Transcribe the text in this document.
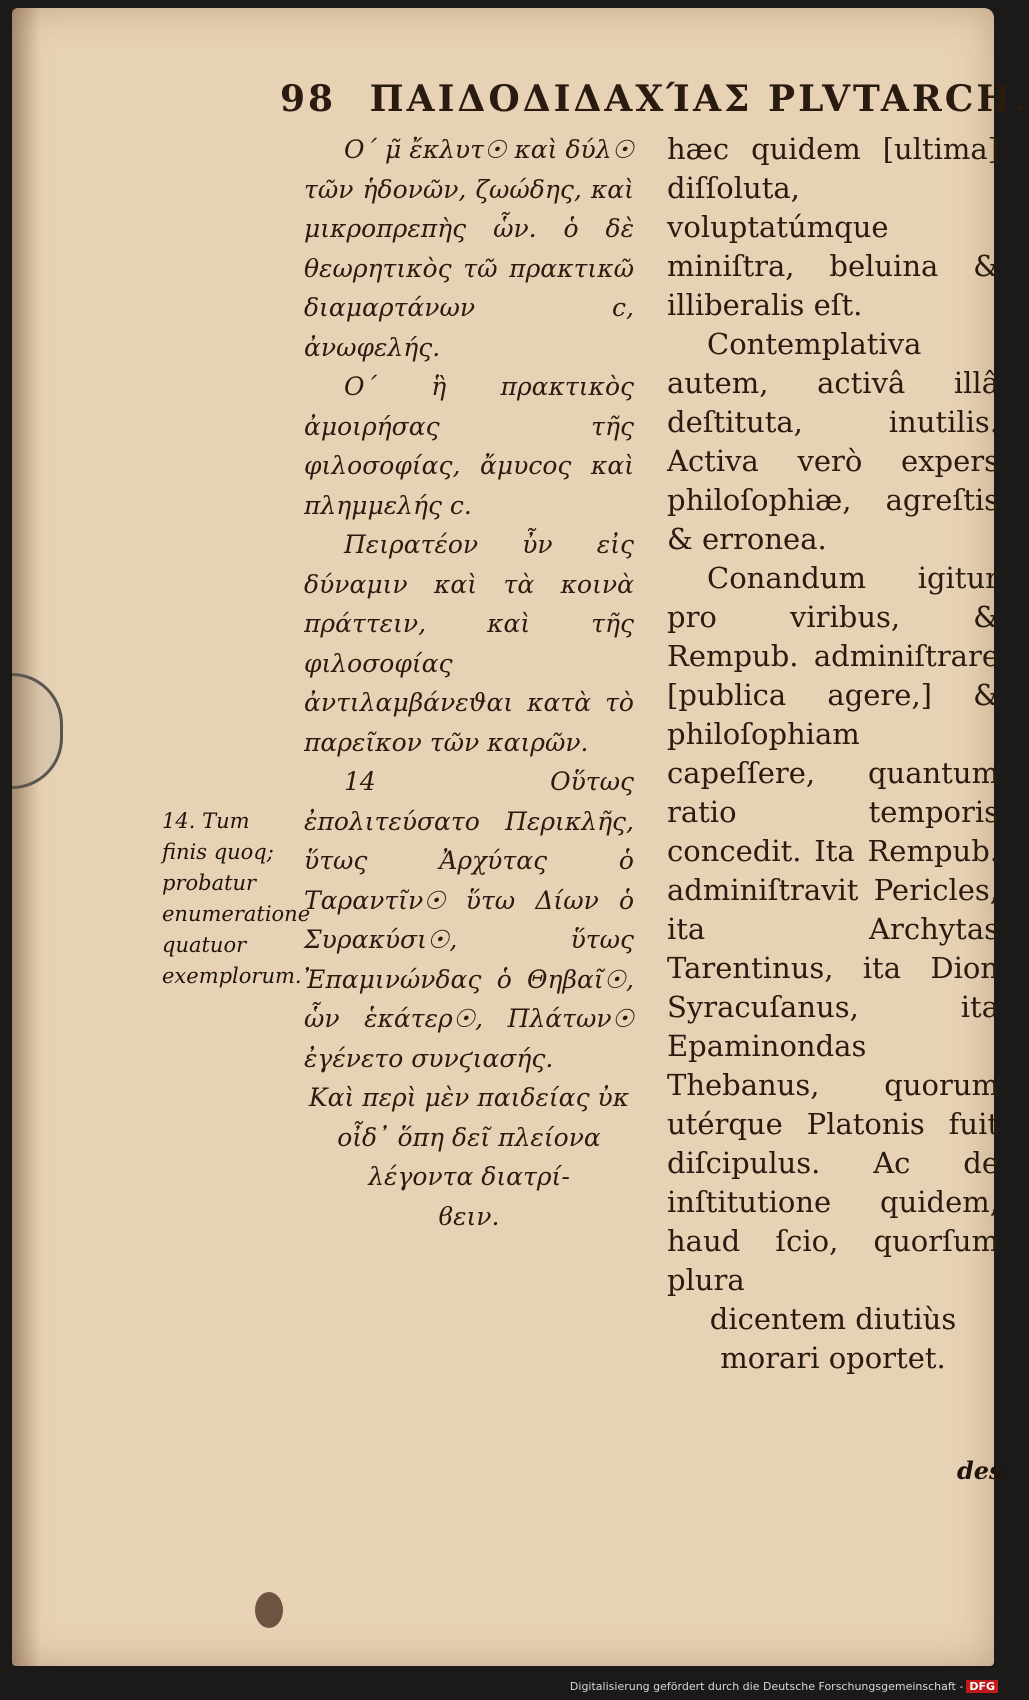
98 ΠΑΙΔΟΔΙΔΑΧΊΑΣ PLVTARCH.

Ο΄ μ̃ ἔκλυτ☉ καὶ δύλ☉ τῶν ἡδονῶν, ζωώδης, καὶ μικροπρεπὴς ὧν. ὁ δὲ θεωρητικὸς τῶ πρακτικῶ διαμαρτάνων ϲ, ἀνωφελής.

Ο΄ ἣ πρακτικὸς ἀμοιρήσας τῆς φιλοσοφίας, ἄμυϲος καὶ πλημμελής ϲ.

Πειρατέον ὖν εἰς δύναμιν καὶ τὰ κοινὰ πράττειν, καὶ τῆς φιλοσοφίας ἀντιλαμβάνεϑαι κατὰ τὸ παρεῖκον τῶν καιρῶν.

14 Οὕτως ἐπολιτεύσατο Περικλῆς, ὕτως Ἀρχύτας ὁ Ταραντῖν☉ ὕτω Δίων ὁ Συρακύσι☉, ὕτως Ἐπαμινώνδας ὁ Θηβαῖ☉, ὧν ἑκάτερ☉, Πλάτων☉ ἐγένετο συνϛιασής.

Καὶ περὶ μὲν παιδείας ὐκ οἶδ᾽ ὅπη δεῖ πλείονα λέγοντα διατρί-

ϐειν.

hæc quidem [ultima] diſſoluta, voluptatúmque miniſtra, beluina & illiberalis eſt.

Contemplativa autem, activâ illâ deſtituta, inutilis. Activa verò expers philoſophiæ, agreſtis & erronea.

Conandum igitur pro viribus, & Rempub. adminiſtrare [publica agere,] & philoſophiam capeſſere, quantum ratio temporis concedit. Ita Rempub. adminiſtravit Pericles, ita Archytas Tarentinus, ita Dion Syracuſanus, ita Epaminondas Thebanus, quorum utérque Platonis fuit diſcipulus. Ac de inſtitutione quidem, haud ſcio, quorſum plura

dicentem diutiùs

morari oportet.

14. Tum finis quoq; probatur enumeratione quatuor exemplorum.
des
Digitalisierung gefördert durch die Deutsche Forschungsgemeinschaft - DFG
